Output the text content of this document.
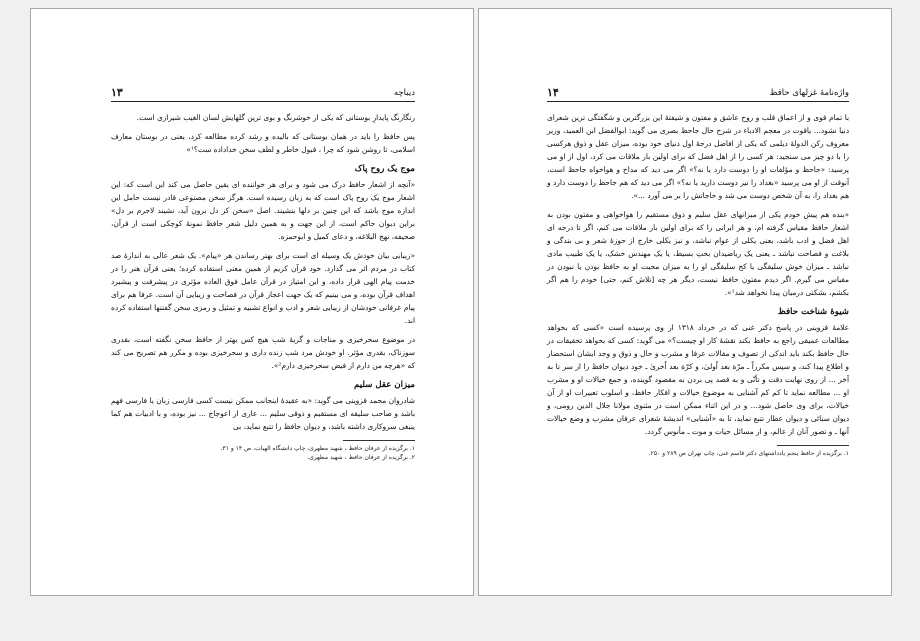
دیباچه
۱۳

رنگارنگ پایدارِ بوستانی که یکی از خوشرنگ و بوی ترین گلهایش لسان الغیب شیرازی است.

پس حافظ را باید در همان بوستانی که بالیده و رشد کرده مطالعه کرد، یعنی در بوستان معارف اسلامی، تا روشن شود که چرا ، قبول خاطر و لطف سخن خداداده ست؟¹»

موج یک روح پاک

«آنچه از اشعار حافظ درک می شود و برای هر خواننده ای یقین حاصل می کند این است که: این اشعار موج یک روح پاک است که به زبان رسیده است. هرگز سخن مصنوعی قادر نیست حامل این اندازه موج باشد که این چنین بر دلها بنشیند. اصل «سخن کز دل برون آید، نشیند لاجرم بر دل» براین دیوان حاکم است، از این جهت و به همین دلیل شعر حافظ نمونهٔ کوچکی است از قرآن، صحیفه، نهج البلاغه، و دعای کمیل و ابوحمزه.

«زیبایی بیان خودش یک وسیله ای است برای بهتر رساندن هر «پیام». یک شعر عالی به اندازهٔ صد کتاب در مردم اثر می گذارد. خود قرآن کریم از همین معنی استفاده کرده؛ یعنی قرآن هنر را در خدمت پیام الهی قرار داده، و این امتیاز در قرآن عامل فوق العاده مؤثری در پیشرفت و پیشبرد اهداف قرآن بوده، و می بینیم که یک جهت اعجاز قرآن در فصاحت و زیبایی آن است. عرفا هم برای پیام عرفانی خودشان از زیبایی شعر و ادب و انواع تشبیه و تمثیل و رمزی سخن گفتنها استفاده کرده اند.

در موضوع سحرخیزی و مناجات و گریهٔ شب هیچ کس بهتر از حافظ سخن نگفته است، بقدری سوزناک، بقدری مؤثر. او خودش مرد شب زنده داری و سحرخیزی بوده و مکرر هم تصریح می کند که «هرچه من دارم از فیض سحرخیزی دارم²».

میزان عقل سلیم

شادروان محمد قزوینی می گوید: «به عقیدهٔ اینجانب ممکن نیست کسی فارسی زبان یا فارسی فهم باشد و صاحب سلیقه ای مستقیم و ذوقی سلیم ... عاری از اعوجاج ... نیز بوده، و با ادبیات هم کما ینبغی سروکاری داشته باشد، و دیوان حافظ را تتبع نماید، بی

۱. برگزیده از عرفان حافظ ، شهید مطهری، چاپ دانشگاه الهیات، ص ۱۴ و ۳۱.

۲. برگزیده از عرفان حافظ ، شهید مطهری.

واژه‌نامهٔ غزلهای حافظ
۱۴

با تمام قوی و از اعماق قلب و روح عاشق و مفتون و شیفتهٔ این بزرگترین و شگفتگی ترین شعرای دنیا نشود... یاقوت در معجم الادباء در شرح حال جاحظ بصری می گوید: ابوالفضل ابن العمید، وزیر معروف رکن الدولهٔ دیلمی که یکی از افاضل درجهٔ اول دنیای خود بوده، میزان عقل و ذوق هرکسی را با دو چیز می سنجید: هر کسی را از اهل فضل که برای اولین بار ملاقات می کرد، اول از او می پرسید: «جاحظ و مؤلفات او را دوست دارد یا نه؟» اگر می دید که مداح و هواخواه جاحظ است، آنوقت از او می پرسید «بغداد را نیز دوست دارید یا نه؟» اگر می دید که هم جاحظ را دوست دارد و هم بغداد را، به آن شخص دوست می شد و حاجاتش را بر می آورد ...».

«بنده هم پیش خودم یکی از میزانهای عقل سلیم و ذوق مستقیم را هواخواهی و مفتون بودن به اشعار حافظ مقیاس گرفته ام، و هر ایرانی را که برای اولین بار ملاقات می کنم، اگر تا درجه ای اهل فضل و ادب باشد، یعنی یکلی از عوام نباشد، و نیز یکلی خارج از حوزهٔ شعر و بی بندگی و بلاغت و فصاحت نباشد ـ یعنی یک ریاضیدان بحتِ بسیط، یا یک مهندس خشک، یا یک طبیب مادی نباشد ـ میزان خوش سلیقگی یا کج سلیقگی او را به میزان محبت او به حافظ بودن یا نبودن در مقیاس می گیرم. اگر دیدم مفتون حافظ نیست، دیگر هر چه [تلاش کنم، حتی] خودم را هم اگر بکشم، بشکنی درمیان پیدا نخواهد شد¹».

شیوهٔ شناخت حافظ

علامهٔ قزوینی در پاسخ دکتر غنی که در خرداد ۱۳۱۸ از وی پرسیده است «کسی که بخواهد مطالعات عمیقی راجع به حافظ بکند نقشهٔ کار او چیست؟» می گوید: کسی که بخواهد تحقیقات در حال حافظ بکند باید اندکی از تصوف و مقالات عرفا و مشرب و حال و ذوق و وجد ایشان استحضار و اطلاع پیدا کند، و سپس مکرراً ـ مرّة بعد اُولیٰ، و کرّة بعد اُخریٰ ـ خود دیوان حافظ را از سر تا به آخر ... از روی نهایت دقت و تأنّی و به قصد پی بردن به مقصود گوینده، و جمع خیالات او و مشرب او ... مطالعه نماید تا کم کم آشنایی به موضوع خیالات و افکار حافظ، و اسلوب تعبیرات او از آن خیالات، برای وی حاصل شود... و در این اثناء ممکن است در مثنوی مولانا جلال الدین رومی، و دیوان سنائی و دیوان عطار تتبع نماید، تا به «آشنایی» اندیشهٔ شعرای عرفان مشرب و وضع خیالات آنها ـ و تصور آنان از عالم، و از مسائل حیات و موت ـ مأنوس گردد.

۱. برگزیده از حافظ پنجم یادداشتهای دکتر قاسم غنی، چاپ تهران ص ۲۸۹ و ۲۵۰.
